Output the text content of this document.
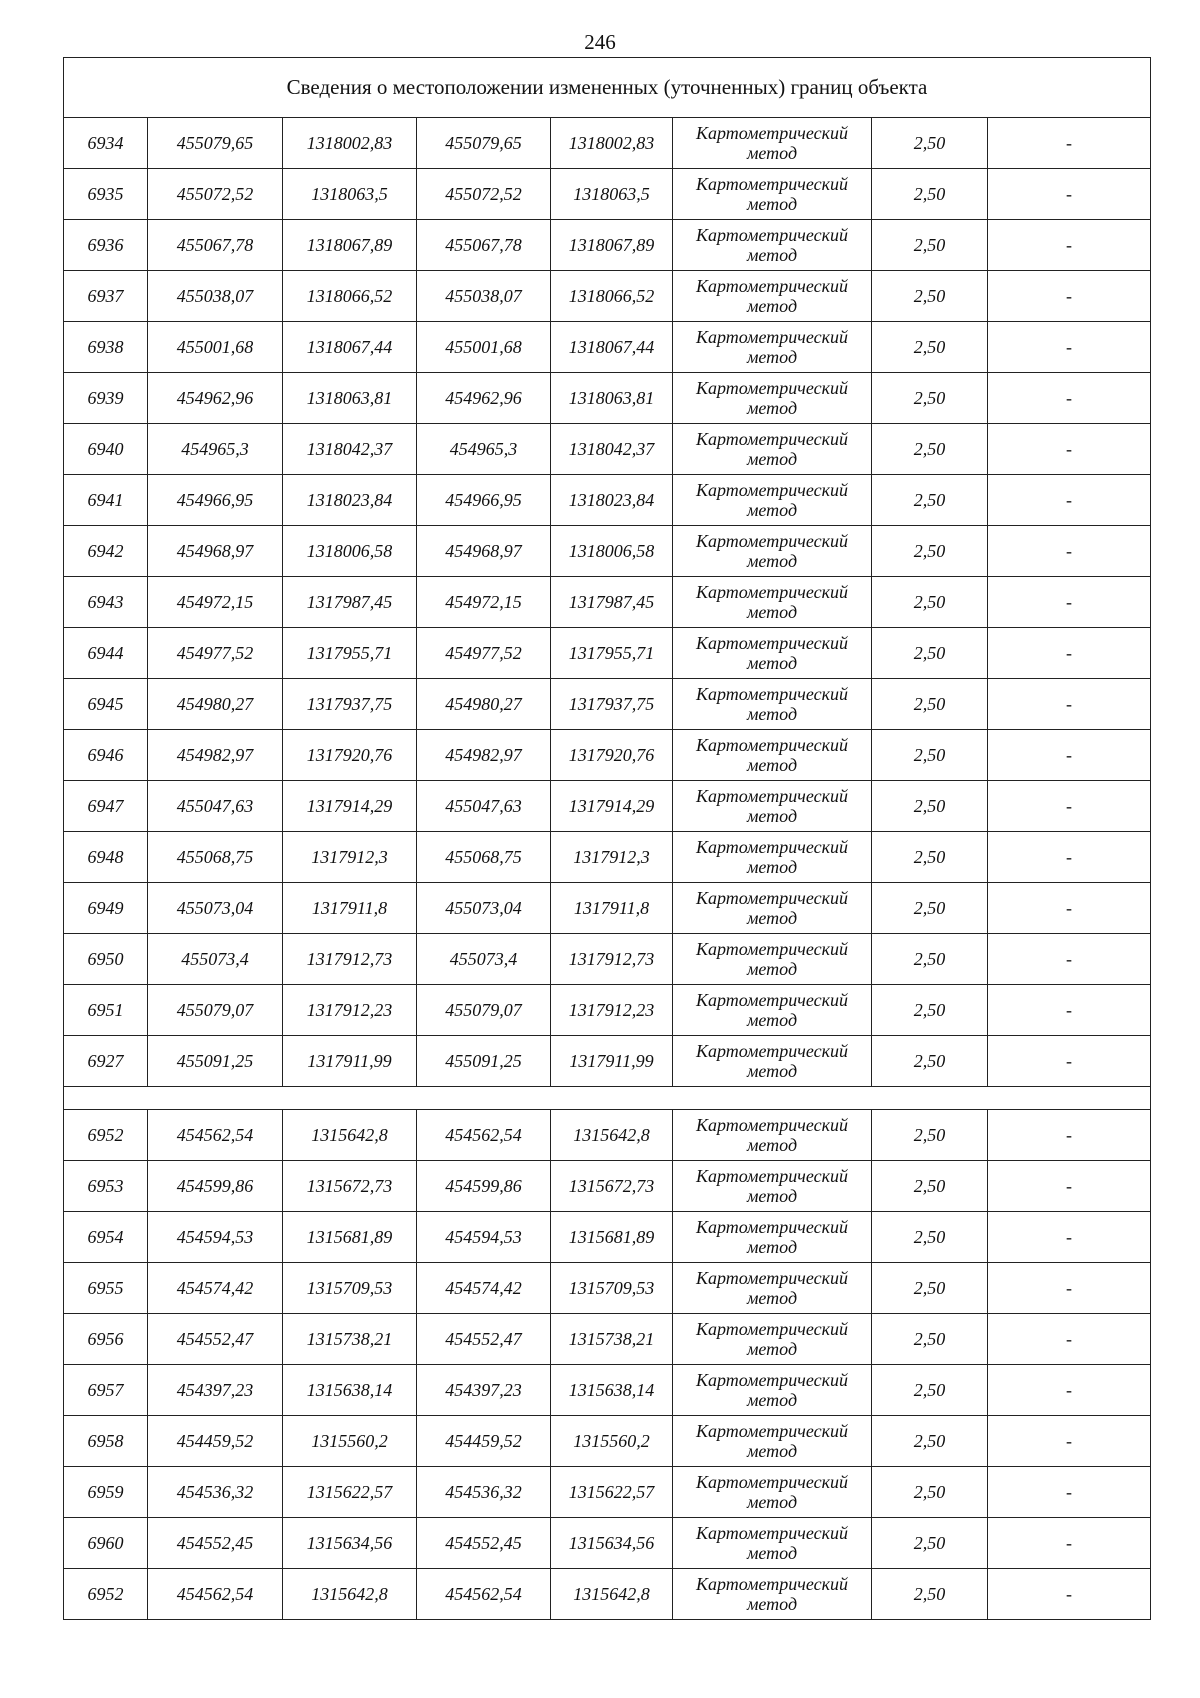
246
Сведения о местоположении измененных (уточненных) границ объекта							
6934	455079,65	1318002,83	455079,65	1318002,83	Картометрический
метод	2,50	-
6935	455072,52	1318063,5	455072,52	1318063,5	Картометрический
метод	2,50	-
6936	455067,78	1318067,89	455067,78	1318067,89	Картометрический
метод	2,50	-
6937	455038,07	1318066,52	455038,07	1318066,52	Картометрический
метод	2,50	-
6938	455001,68	1318067,44	455001,68	1318067,44	Картометрический
метод	2,50	-
6939	454962,96	1318063,81	454962,96	1318063,81	Картометрический
метод	2,50	-
6940	454965,3	1318042,37	454965,3	1318042,37	Картометрический
метод	2,50	-
6941	454966,95	1318023,84	454966,95	1318023,84	Картометрический
метод	2,50	-
6942	454968,97	1318006,58	454968,97	1318006,58	Картометрический
метод	2,50	-
6943	454972,15	1317987,45	454972,15	1317987,45	Картометрический
метод	2,50	-
6944	454977,52	1317955,71	454977,52	1317955,71	Картометрический
метод	2,50	-
6945	454980,27	1317937,75	454980,27	1317937,75	Картометрический
метод	2,50	-
6946	454982,97	1317920,76	454982,97	1317920,76	Картометрический
метод	2,50	-
6947	455047,63	1317914,29	455047,63	1317914,29	Картометрический
метод	2,50	-
6948	455068,75	1317912,3	455068,75	1317912,3	Картометрический
метод	2,50	-
6949	455073,04	1317911,8	455073,04	1317911,8	Картометрический
метод	2,50	-
6950	455073,4	1317912,73	455073,4	1317912,73	Картометрический
метод	2,50	-
6951	455079,07	1317912,23	455079,07	1317912,23	Картометрический
метод	2,50	-
6927	455091,25	1317911,99	455091,25	1317911,99	Картометрический
метод	2,50	-

6952	454562,54	1315642,8	454562,54	1315642,8	Картометрический
метод	2,50	-
6953	454599,86	1315672,73	454599,86	1315672,73	Картометрический
метод	2,50	-
6954	454594,53	1315681,89	454594,53	1315681,89	Картометрический
метод	2,50	-
6955	454574,42	1315709,53	454574,42	1315709,53	Картометрический
метод	2,50	-
6956	454552,47	1315738,21	454552,47	1315738,21	Картометрический
метод	2,50	-
6957	454397,23	1315638,14	454397,23	1315638,14	Картометрический
метод	2,50	-
6958	454459,52	1315560,2	454459,52	1315560,2	Картометрический
метод	2,50	-
6959	454536,32	1315622,57	454536,32	1315622,57	Картометрический
метод	2,50	-
6960	454552,45	1315634,56	454552,45	1315634,56	Картометрический
метод	2,50	-
6952	454562,54	1315642,8	454562,54	1315642,8	Картометрический
метод	2,50	-
